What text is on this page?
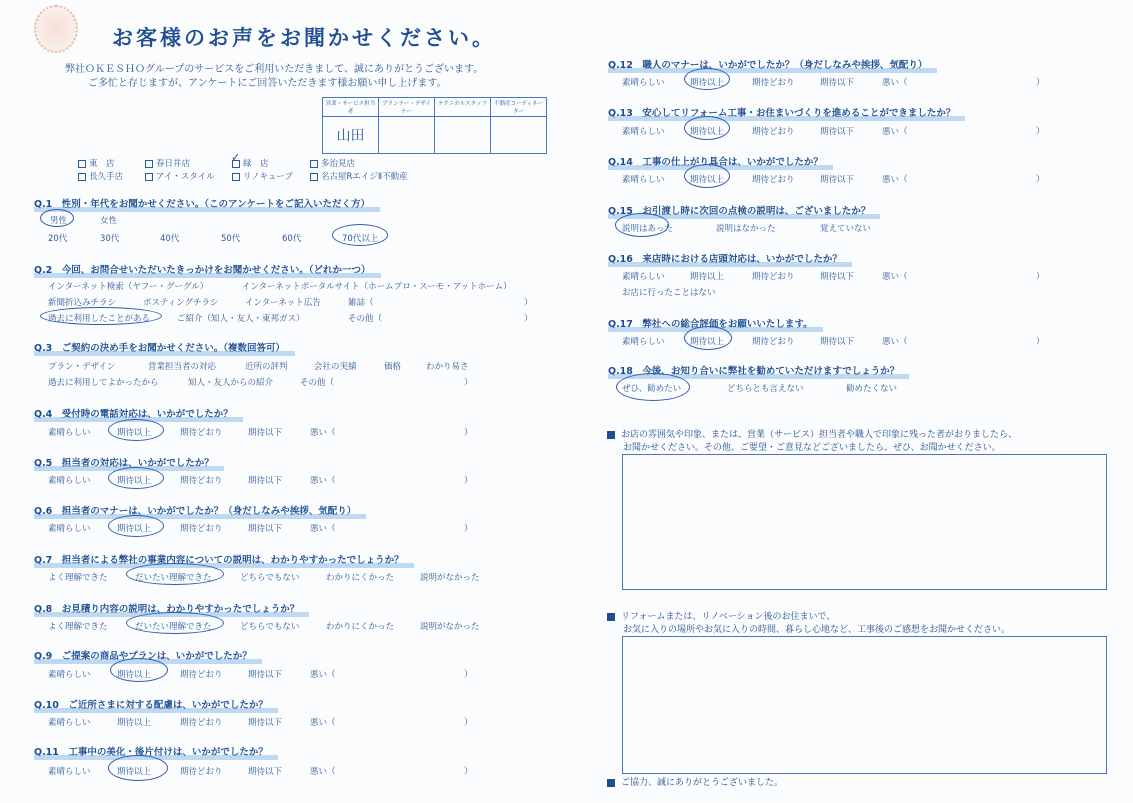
お客様のお声をお聞かせください。
弊社ＯＫＥＳＨＯグループのサービスをご利用いただきまして、誠にありがとうございます。
ご多忙と存じますが、アンケートにご回答いただきます様お願い申し上げます。
営業・サービス担当者	プランナー・デザイナー	テクニカルスタッフ	不動産コーディネーター
山田			
東　店	春日井店	緑　店
✓	多治見店
長久手店	アイ・スタイル	リノキューブ	名古屋RエイジⅡ不動産
Q.1　性別・年代をお聞かせください。（このアンケートをご記入いただく方）
男性	女性
20代	30代	40代	50代	60代	70代以上
Q.2　今回、お問合せいただいたきっかけをお聞かせください。（どれか一つ）
インターネット検索（ヤフー・グーグル）	インターネットポータルサイト（ホームプロ・スーモ・アットホーム）
新聞折込みチラシ	ポスティングチラシ	インターネット広告	雑誌（	）
過去に利用したことがある	ご紹介（知人・友人・東邦ガス）	その他（	）
Q.3　ご契約の決め手をお聞かせください。（複数回答可）
プラン・デザイン	営業担当者の対応	近所の評判	会社の実績	価格	わかり易さ
過去に利用してよかったから	知人・友人からの紹介	その他（	）
Q.4　受付時の電話対応は、いかがでしたか？
素晴らしい	期待以上	期待どおり	期待以下	悪い（	）
Q.5　担当者の対応は、いかがでしたか？
素晴らしい	期待以上	期待どおり	期待以下	悪い（	）
Q.6　担当者のマナーは、いかがでしたか？（身だしなみや挨拶、気配り）
素晴らしい	期待以上	期待どおり	期待以下	悪い（	）
Q.7　担当者による弊社の事業内容についての説明は、わかりやすかったでしょうか？
よく理解できた	だいたい理解できた	どちらでもない	わかりにくかった	説明がなかった
Q.8　お見積り内容の説明は、わかりやすかったでしょうか？
よく理解できた	だいたい理解できた	どちらでもない	わかりにくかった	説明がなかった
Q.9　ご提案の商品やプランは、いかがでしたか？
素晴らしい	期待以上	期待どおり	期待以下	悪い（	）
Q.10　ご近所さまに対する配慮は、いかがでしたか？
素晴らしい	期待以上	期待どおり	期待以下	悪い（	）
Q.11　工事中の美化・後片付けは、いかがでしたか？
素晴らしい	期待以上	期待どおり	期待以下	悪い（	）
Q.12　職人のマナーは、いかがでしたか？（身だしなみや挨拶、気配り）
素晴らしい	期待以上	期待どおり	期待以下	悪い（	）
Q.13　安心してリフォーム工事・お住まいづくりを進めることができましたか？
素晴らしい	期待以上	期待どおり	期待以下	悪い（	）
Q.14　工事の仕上がり具合は、いかがでしたか？
素晴らしい	期待以上	期待どおり	期待以下	悪い（	）
Q.15　お引渡し時に次回の点検の説明は、ございましたか？
説明はあった	説明はなかった	覚えていない
Q.16　来店時における店頭対応は、いかがでしたか？
素晴らしい	期待以上	期待どおり	期待以下	悪い（	）
お店に行ったことはない
Q.17　弊社への総合評価をお願いいたします。
素晴らしい	期待以上	期待どおり	期待以下	悪い（	）
Q.18　今後、お知り合いに弊社を勧めていただけますでしょうか？
ぜひ、勧めたい	どちらとも言えない	勧めたくない
お店の雰囲気や印象、または、営業（サービス）担当者や職人で印象に残った者がおりましたら、
お聞かせください。その他、ご要望・ご意見などございましたら、ぜひ、お聞かせください。
リフォームまたは、リノベーション後のお住まいで、
お気に入りの場所やお気に入りの時間、暮らし心地など、工事後のご感想をお聞かせください。
ご協力、誠にありがとうございました。
